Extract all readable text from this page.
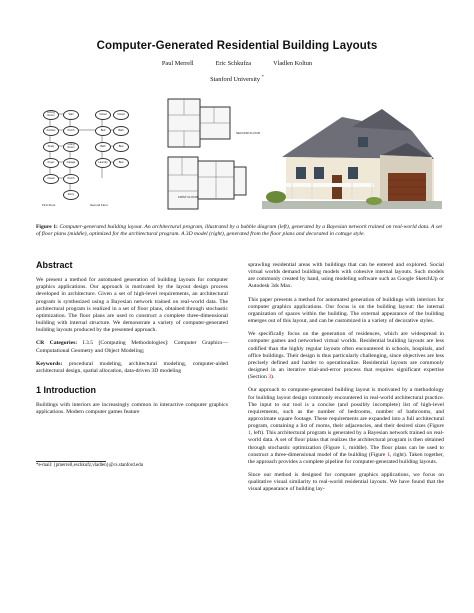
Computer-Generated Residential Building Layouts
Paul Merrell	Eric Schkufza	Vladlen Koltun
Stanford University *
Dining Room	Stair	Closet	Closet
Kitchen	Porch	Bed	Bath
Study	Living Room	Bath	Bed
Foyer	Garage	Laundry	Bed
Closet	Porch
Entry
First Floor	Second Floor
SECOND FLOOR
FIRST FLOOR
Figure 1: Computer-generated building layout. An architectural program, illustrated by a bubble diagram (left), generated by a Bayesian network trained on real-world data. A set of floor plans (middle), optimized for the architectural program. A 3D model (right), generated from the floor plans and decorated in cottage style.
Abstract

We present a method for automated generation of building layouts for computer graphics applications. Our approach is motivated by the layout design process developed in architecture. Given a set of high-level requirements, an architectural program is synthesized using a Bayesian network trained on real-world data. The architectural program is realized in a set of floor plans, obtained through stochastic optimization. The floor plans are used to construct a complete three-dimensional building with internal structure. We demonstrate a variety of computer-generated building layouts produced by the presented approach.

CR Categories: I.3.5 [Computing Methodologies]: Computer Graphics—Computational Geometry and Object Modeling;

Keywords: procedural modeling, architectural modeling, computer-aided architectural design, spatial allocation, data-driven 3D modeling

1 Introduction

Buildings with interiors are increasingly common in interactive computer graphics applications. Modern computer games feature

*e-mail: {pmerrell,eschkufz,vladlen}@cs.stanford.edu

sprawling residential areas with buildings that can be entered and explored. Social virtual worlds demand building models with cohesive internal layouts. Such models are commonly created by hand, using modeling software such as Google SketchUp or Autodesk 3ds Max.

This paper presents a method for automated generation of buildings with interiors for computer graphics applications. Our focus is on the building layout: the internal organization of spaces within the building. The external appearance of the building emerges out of this layout, and can be customized in a variety of decorative styles.

We specifically focus on the generation of residences, which are widespread in computer games and networked virtual worlds. Residential building layouts are less codified than the highly regular layouts often encountered in schools, hospitals, and office buildings. Their design is thus particularly challenging, since objectives are less precisely defined and harder to operationalize. Residential layouts are commonly designed in an iterative trial-and-error process that requires significant expertise (Section 3).

Our approach to computer-generated building layout is motivated by a methodology for building layout design commonly encountered in real-world architectural practice. The input to our tool is a concise (and possibly incomplete) list of high-level requirements, such as the number of bedrooms, number of bathrooms, and approximate square footage. These requirements are expanded into a full architectural program, containing a list of rooms, their adjacencies, and their desired sizes (Figure 1, left). This architectural program is generated by a Bayesian network trained on real-world data. A set of floor plans that realizes the architectural program is then obtained through stochastic optimization (Figure 1, middle). The floor plans can be used to construct a three-dimensional model of the building (Figure 1, right). Taken together, the approach provides a complete pipeline for computer-generated building layouts.

Since our method is designed for computer graphics applications, we focus on qualitative visual similarity to real-world residential layouts. We have found that the visual appearance of building lay-
